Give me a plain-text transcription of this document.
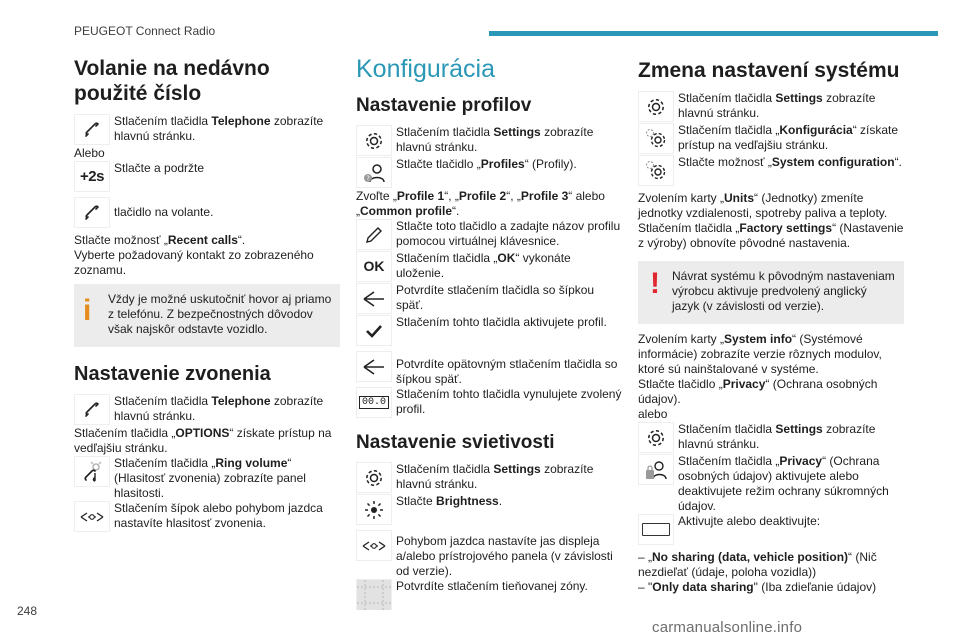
PEUGEOT Connect Radio
Volanie na nedávno použité číslo
Stlačením tlačidla Telephone zobrazíte hlavnú stránku.
Alebo
+2s Stlačte a podržte
tlačidlo na volante.
Stlačte možnosť „Recent calls“.
Vyberte požadovaný kontakt zo zobrazeného zoznamu.
i	Vždy je možné uskutočniť hovor aj priamo z telefónu. Z bezpečnostných dôvodov však najskôr odstavte vozidlo.
Nastavenie zvonenia
Stlačením tlačidla Telephone zobrazíte hlavnú stránku.
Stlačením tlačidla „OPTIONS“ získate prístup na vedľajšiu stránku.
Stlačením tlačidla „Ring volume“ (Hlasitosť zvonenia) zobrazíte panel hlasitosti.
Stlačením šípok alebo pohybom jazdca nastavíte hlasitosť zvonenia.
Konfigurácia
Nastavenie profilov
Stlačením tlačidla Settings zobrazíte hlavnú stránku.
?
Stlačte tlačidlo „Profiles“ (Profily).
Zvoľte „Profile 1“, „Profile 2“, „Profile 3“ alebo „Common profile“.
Stlačte toto tlačidlo a zadajte názov profilu pomocou virtuálnej klávesnice.
OK Stlačením tlačidla „OK“ vykonáte uloženie.
Potvrdíte stlačením tlačidla so šípkou späť.
Stlačením tohto tlačidla aktivujete profil.
Potvrdíte opätovným stlačením tlačidla so šípkou späť.
00.0
Stlačením tohto tlačidla vynulujete zvolený profil.
Nastavenie svietivosti
Stlačením tlačidla Settings zobrazíte hlavnú stránku.
Stlačte Brightness.
Pohybom jazdca nastavíte jas displeja a/alebo prístrojového panela (v závislosti od verzie).
Potvrdíte stlačením tieňovanej zóny.
Zmena nastavení systému
Stlačením tlačidla Settings zobrazíte hlavnú stránku.
Stlačením tlačidla „Konfigurácia“ získate prístup na vedľajšiu stránku.
Stlačte možnosť „System configuration“.
Zvolením karty „Units“ (Jednotky) zmeníte jednotky vzdialenosti, spotreby paliva a teploty.
Stlačením tlačidla „Factory settings“ (Nastavenie z výroby) obnovíte pôvodné nastavenia.
!	Návrat systému k pôvodným nastaveniam výrobcu aktivuje predvolený anglický jazyk (v závislosti od verzie).
Zvolením karty „System info“ (Systémové informácie) zobrazíte verzie rôznych modulov, ktoré sú nainštalované v systéme.
Stlačte tlačidlo „Privacy“ (Ochrana osobných údajov).
alebo
Stlačením tlačidla Settings zobrazíte hlavnú stránku.
Stlačením tlačidla „Privacy“ (Ochrana osobných údajov) aktivujete alebo deaktivujete režim ochrany súkromných údajov.
Aktivujte alebo deaktivujte:
– „No sharing (data, vehicle position)“ (Nič nezdieľať (údaje, poloha vozidla))
– "Only data sharing" (Iba zdieľanie údajov)
248
carmanualsonline.info
